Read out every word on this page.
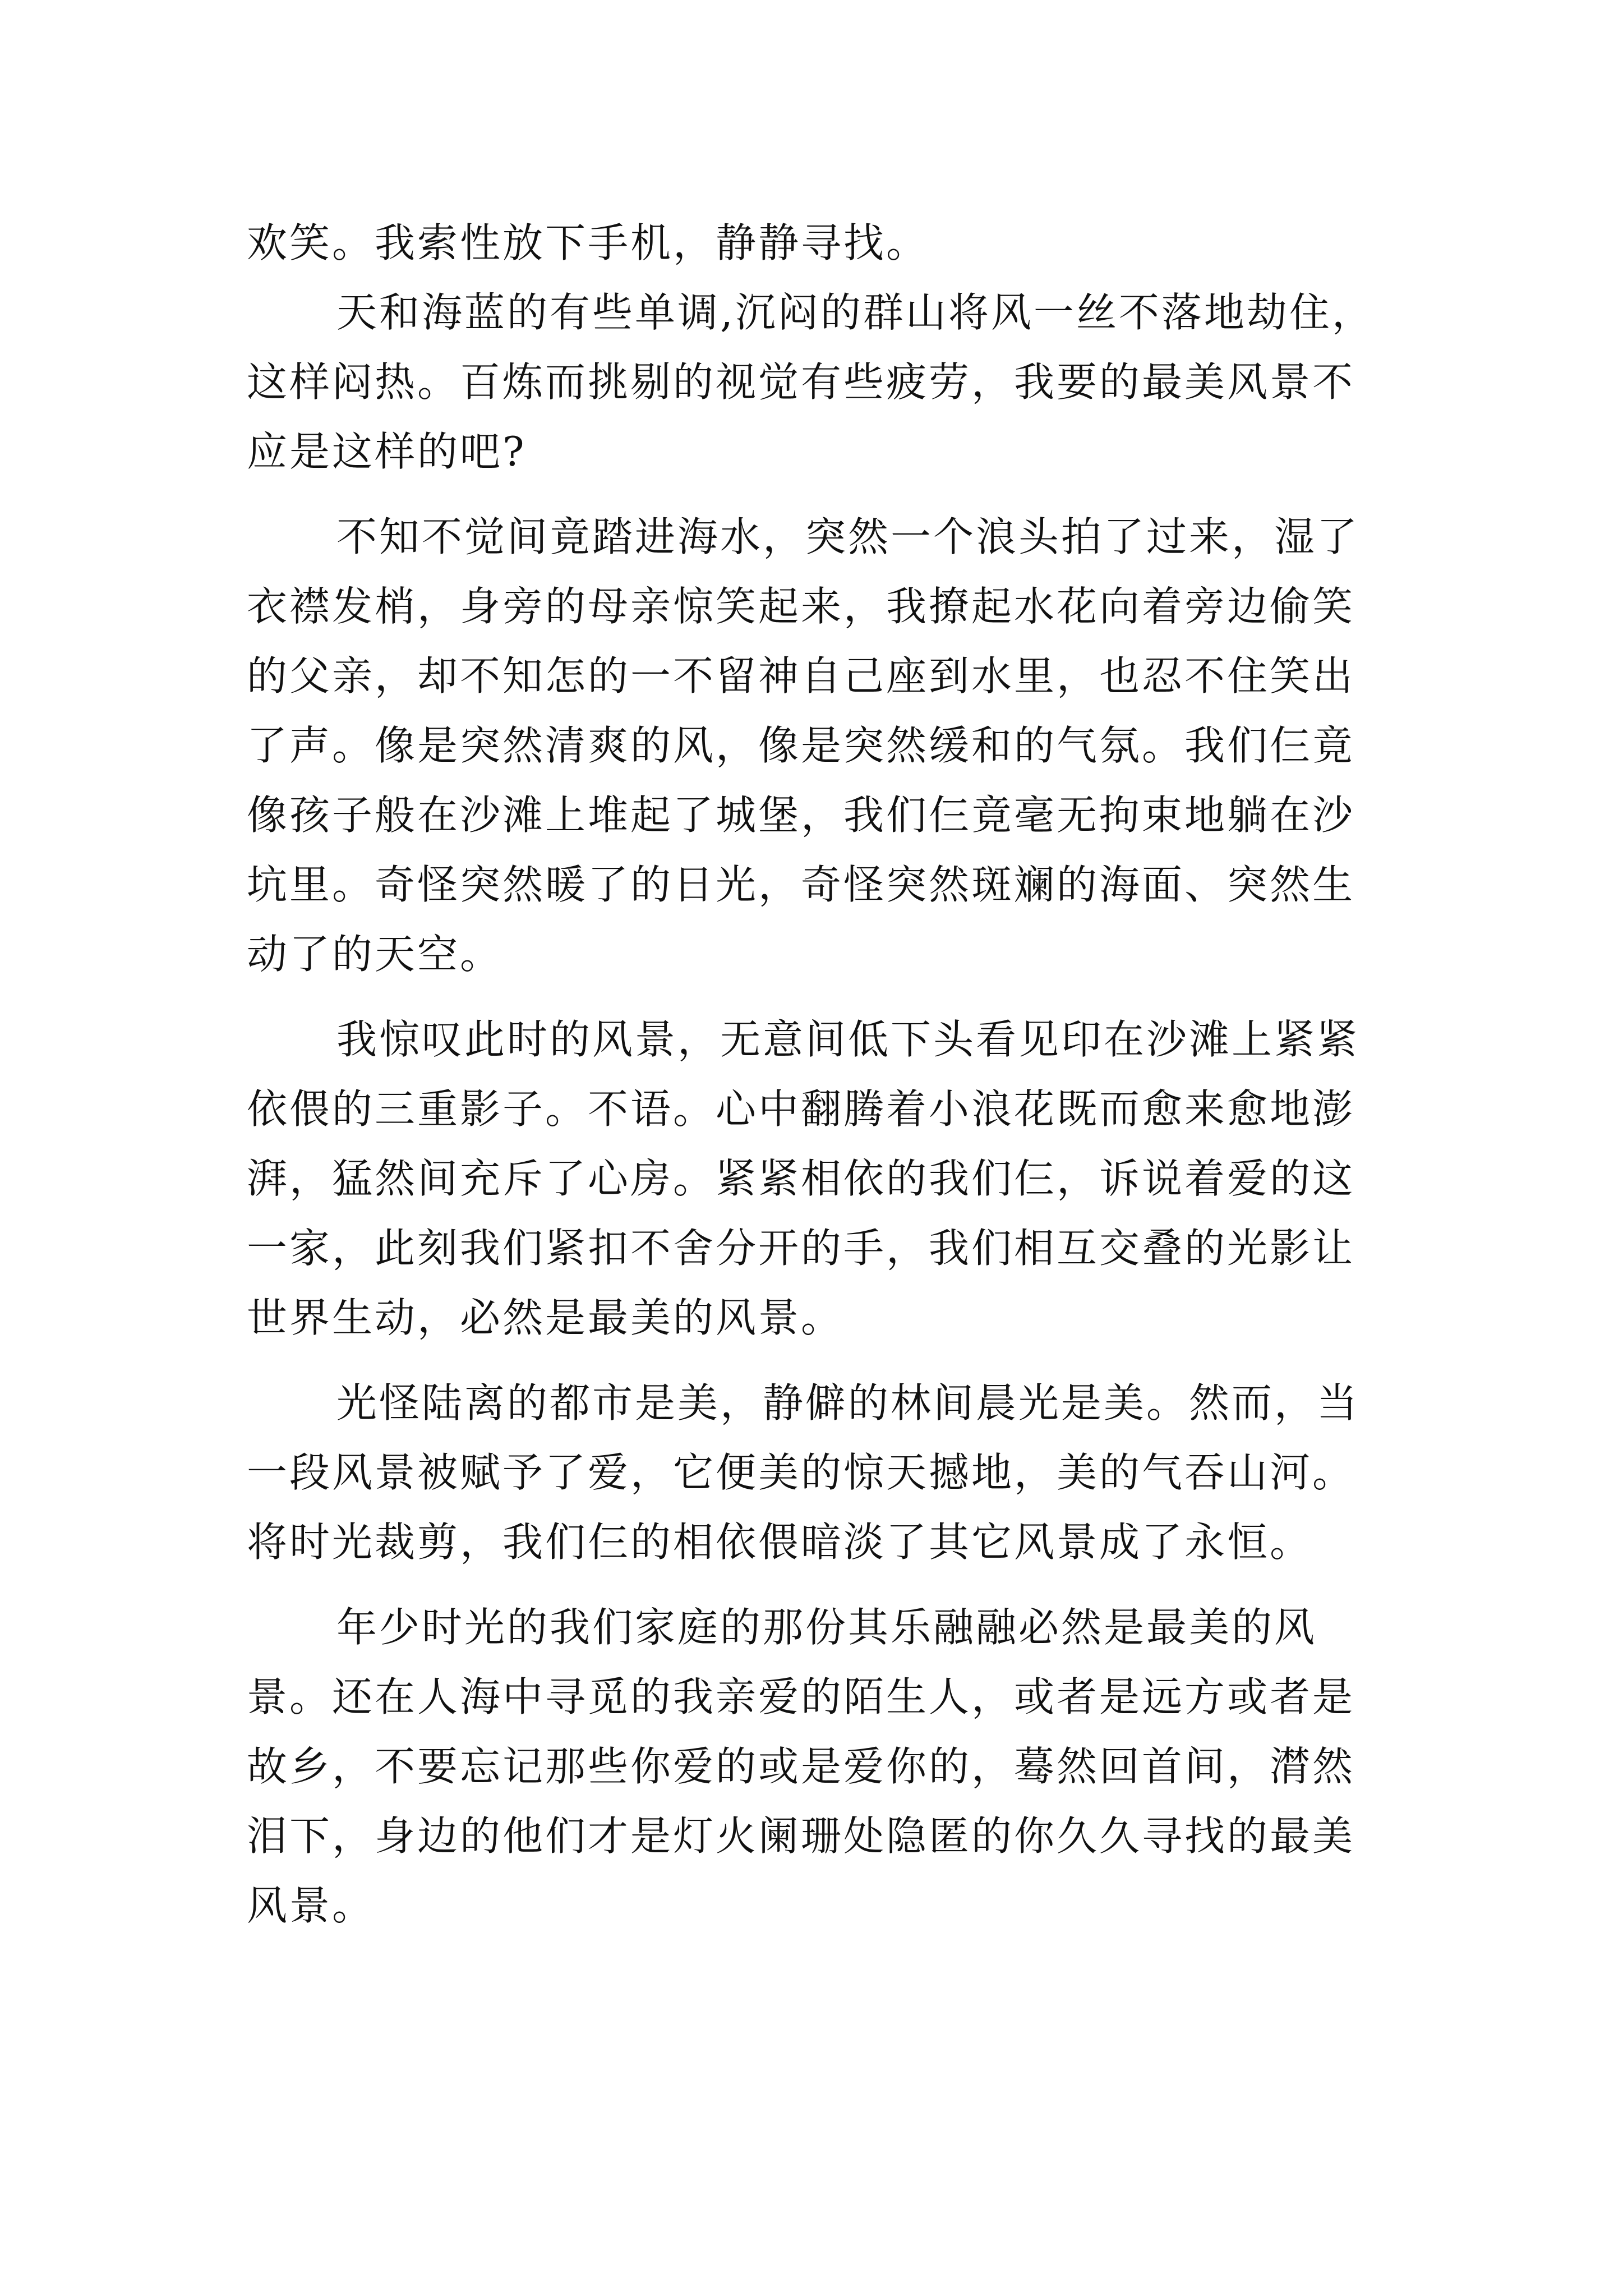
欢笑。我索性放下手机，静静寻找。

天和海蓝的有些单调,沉闷的群山将风一丝不落地劫住，

这样闷热。百炼而挑剔的视觉有些疲劳，我要的最美风景不

应是这样的吧?

不知不觉间竟踏进海水，突然一个浪头拍了过来，湿了

衣襟发梢，身旁的母亲惊笑起来，我撩起水花向着旁边偷笑

的父亲，却不知怎的一不留神自己座到水里，也忍不住笑出

了声。像是突然清爽的风，像是突然缓和的气氛。我们仨竟

像孩子般在沙滩上堆起了城堡，我们仨竟毫无拘束地躺在沙

坑里。奇怪突然暖了的日光，奇怪突然斑斓的海面、突然生

动了的天空。

我惊叹此时的风景，无意间低下头看见印在沙滩上紧紧

依偎的三重影子。不语。心中翻腾着小浪花既而愈来愈地澎

湃，猛然间充斥了心房。紧紧相依的我们仨，诉说着爱的这

一家，此刻我们紧扣不舍分开的手，我们相互交叠的光影让

世界生动，必然是最美的风景。

光怪陆离的都市是美，静僻的林间晨光是美。然而，当

一段风景被赋予了爱，它便美的惊天撼地，美的气吞山河。

将时光裁剪，我们仨的相依偎暗淡了其它风景成了永恒。

年少时光的我们家庭的那份其乐融融必然是最美的风

景。还在人海中寻觅的我亲爱的陌生人，或者是远方或者是

故乡，不要忘记那些你爱的或是爱你的，蓦然回首间，潸然

泪下，身边的他们才是灯火阑珊处隐匿的你久久寻找的最美

风景。
